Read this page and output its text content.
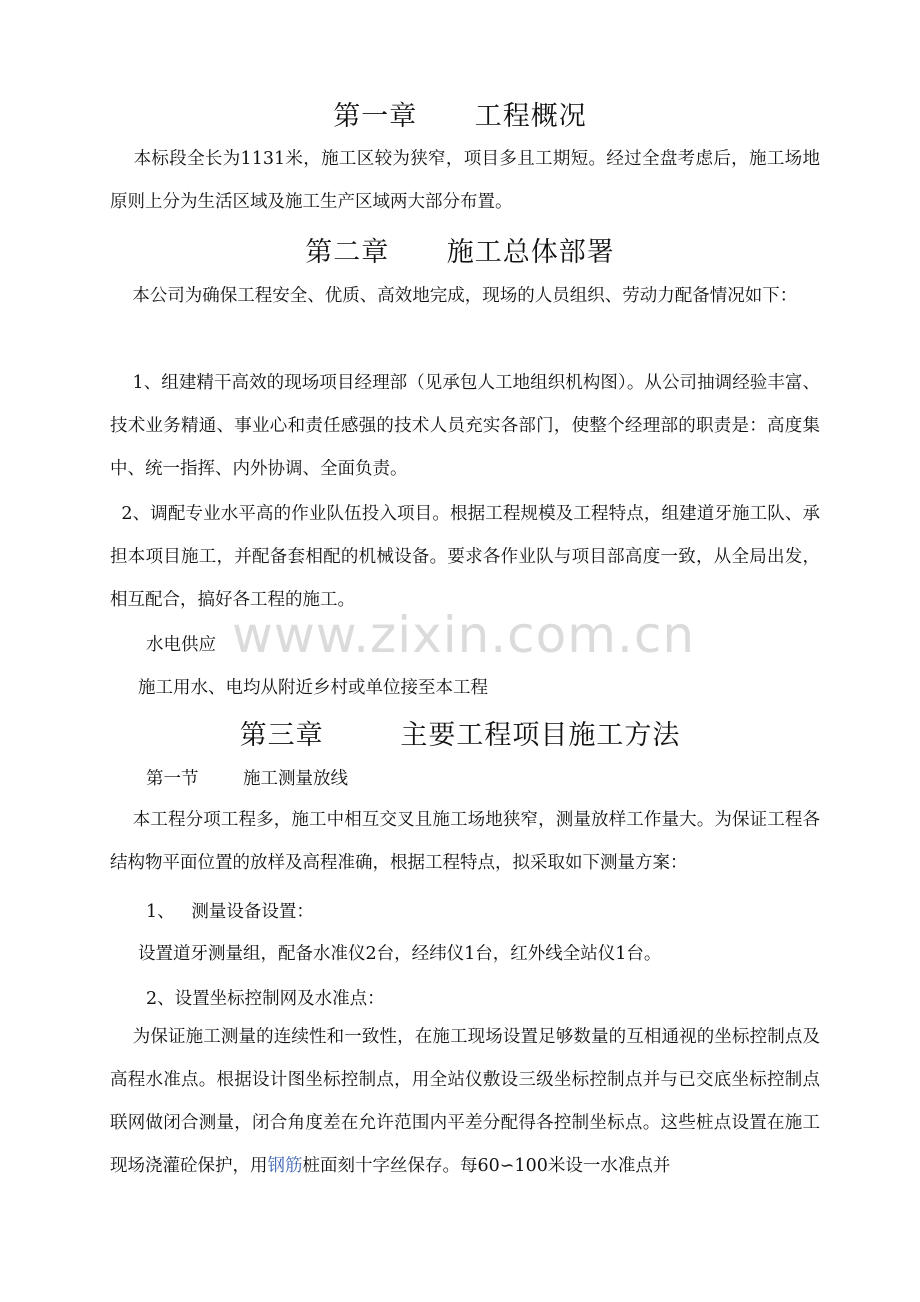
第一章      工程概况
本标段全长为1131米，施工区较为狭窄，项目多且工期短。经过全盘考虑后，施工场地原则上分为生活区域及施工生产区域两大部分布置。
第二章      施工总体部署
本公司为确保工程安全、优质、高效地完成，现场的人员组织、劳动力配备情况如下：
1、组建精干高效的现场项目经理部（见承包人工地组织机构图）。从公司抽调经验丰富、技术业务精通、事业心和责任感强的技术人员充实各部门，使整个经理部的职责是：高度集中、统一指挥、内外协调、全面负责。
2、调配专业水平高的作业队伍投入项目。根据工程规模及工程特点，组建道牙施工队、承担本项目施工，并配备套相配的机械设备。要求各作业队与项目部高度一致，从全局出发，相互配合，搞好各工程的施工。
水电供应
施工用水、电均从附近乡村或单位接至本工程
第三章        主要工程项目施工方法
第一节        施工测量放线
本工程分项工程多，施工中相互交叉且施工场地狭窄，测量放样工作量大。为保证工程各结构物平面位置的放样及高程准确，根据工程特点，拟采取如下测量方案：
1、   测量设备设置：
设置道牙测量组，配备水准仪2台，经纬仪1台，红外线全站仪1台。
2、设置坐标控制网及水准点：
为保证施工测量的连续性和一致性，在施工现场设置足够数量的互相通视的坐标控制点及高程水准点。根据设计图坐标控制点，用全站仪敷设三级坐标控制点并与已交底坐标控制点联网做闭合测量，闭合角度差在允许范围内平差分配得各控制坐标点。这些桩点设置在施工现场浇灌砼保护，用钢筋桩面刻十字丝保存。每60∽100米设一水准点并
www.zixin.com.cn
